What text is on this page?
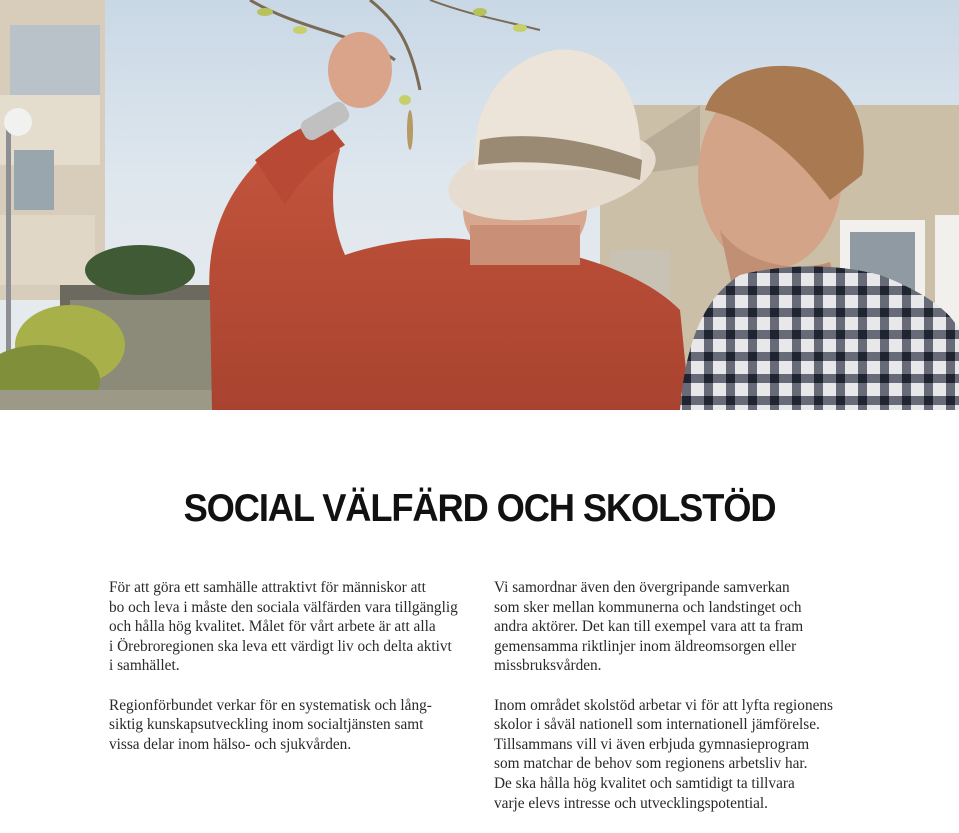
SOCIAL VÄLFÄRD OCH SKOLSTÖD

För att göra ett samhälle attraktivt för människor att
bo och leva i måste den sociala välfärden vara tillgänglig
och hålla hög kvalitet. Målet för vårt arbete är att alla
i Örebroregionen ska leva ett värdigt liv och delta aktivt
i samhället.

Regionförbundet verkar för en systematisk och lång-
siktig kunskapsutveckling inom socialtjänsten samt
vissa delar inom hälso- och sjukvården.

Vi samordnar även den övergripande samverkan
som sker mellan kommunerna och landstinget och
andra aktörer. Det kan till exempel vara att ta fram
gemensamma riktlinjer inom äldreomsorgen eller
missbruksvården.

Inom området skolstöd arbetar vi för att lyfta regionens
skolor i såväl nationell som internationell jämförelse.
Tillsammans vill vi även erbjuda gymnasieprogram
som matchar de behov som regionens arbetsliv har.
De ska hålla hög kvalitet och samtidigt ta tillvara
varje elevs intresse och utvecklingspotential.
